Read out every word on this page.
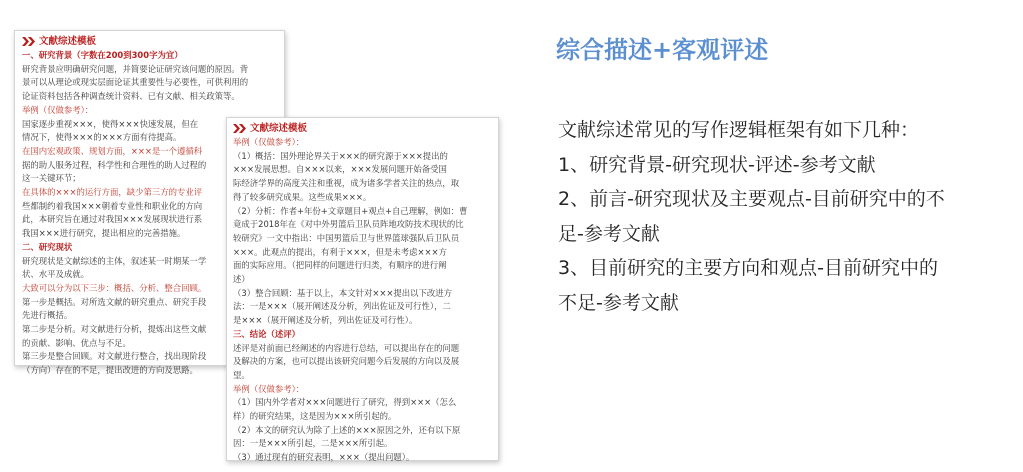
文献综述模板

一、研究背景（字数在200到300字为宜）

研究背景应明确研究问题，并简要论证研究该问题的原因。背

景可以从理论或现实层面论证其重要性与必要性，可供利用的

论证资料包括各种调查统计资料、已有文献、相关政策等。

举例（仅做参考）：

国家逐步重视×××，使得×××快速发展，但在

情况下，使得×××的×××方面有待提高。

在国内宏观政策、规划方面，×××是一个遵循科

据的助人服务过程，科学性和合理性的助人过程的

这一关键环节；

在具体的×××的运行方面，缺少第三方的专业评

些都制约着我国×××朝着专业性和职业化的方向

此，本研究旨在通过对我国×××发展现状进行系

我国×××进行研究，提出相应的完善措施。

二、研究现状

研究现状是文献综述的主体，叙述某一时期某一学

状、水平及成就。

大致可以分为以下三步：概括、分析、整合回顾。

第一步是概括。对所选文献的研究重点、研究手段

先进行概括。

第二步是分析。对文献进行分析，提炼出这些文献

的贡献、影响、优点与不足。

第三步是整合回顾。对文献进行整合，找出现阶段

（方向）存在的不足，提出改进的方向及思路。

文献综述模板

举例（仅做参考）：

（1）概括：国外理论界关于×××的研究源于×××提出的

×××发展思想。自×××以来，×××发展问题开始备受国

际经济学界的高度关注和重视，成为诸多学者关注的热点，取

得了较多研究成果。这些成果×××。

（2）分析：作者+年份+文章题目+观点+自己理解，例如：曹

竟成于2018年在《对中外男篮后卫队员阵地攻防技术现状的比

较研究》一文中指出：中国男篮后卫与世界篮球强队后卫队员

×××。此观点的提出，有利于×××，但是未考虑×××方

面的实际应用。（把同样的问题进行归类，有顺序的进行阐

述）

（3）整合回顾：基于以上，本文针对×××提出以下改进方

法：一是×××（展开阐述及分析，列出佐证及可行性），二

是×××（展开阐述及分析，列出佐证及可行性）。

三、结论（述评）

述评是对前面已经阐述的内容进行总结，可以提出存在的问题

及解决的方案，也可以提出该研究问题今后发展的方向以及展

望。

举例（仅做参考）：

（1）国内外学者对×××问题进行了研究，得到×××（怎么

样）的研究结果，这是因为×××所引起的。

（2）本文的研究认为除了上述的×××原因之外，还有以下原

因：一是×××所引起，二是×××所引起。

（3）通过现有的研究表明，×××（提出问题）。

综合描述+客观评述
文献综述常见的写作逻辑框架有如下几种：
1、研究背景-研究现状-评述-参考文献
2、前言-研究现状及主要观点-目前研究中的不
足-参考文献
3、目前研究的主要方向和观点-目前研究中的
不足-参考文献
